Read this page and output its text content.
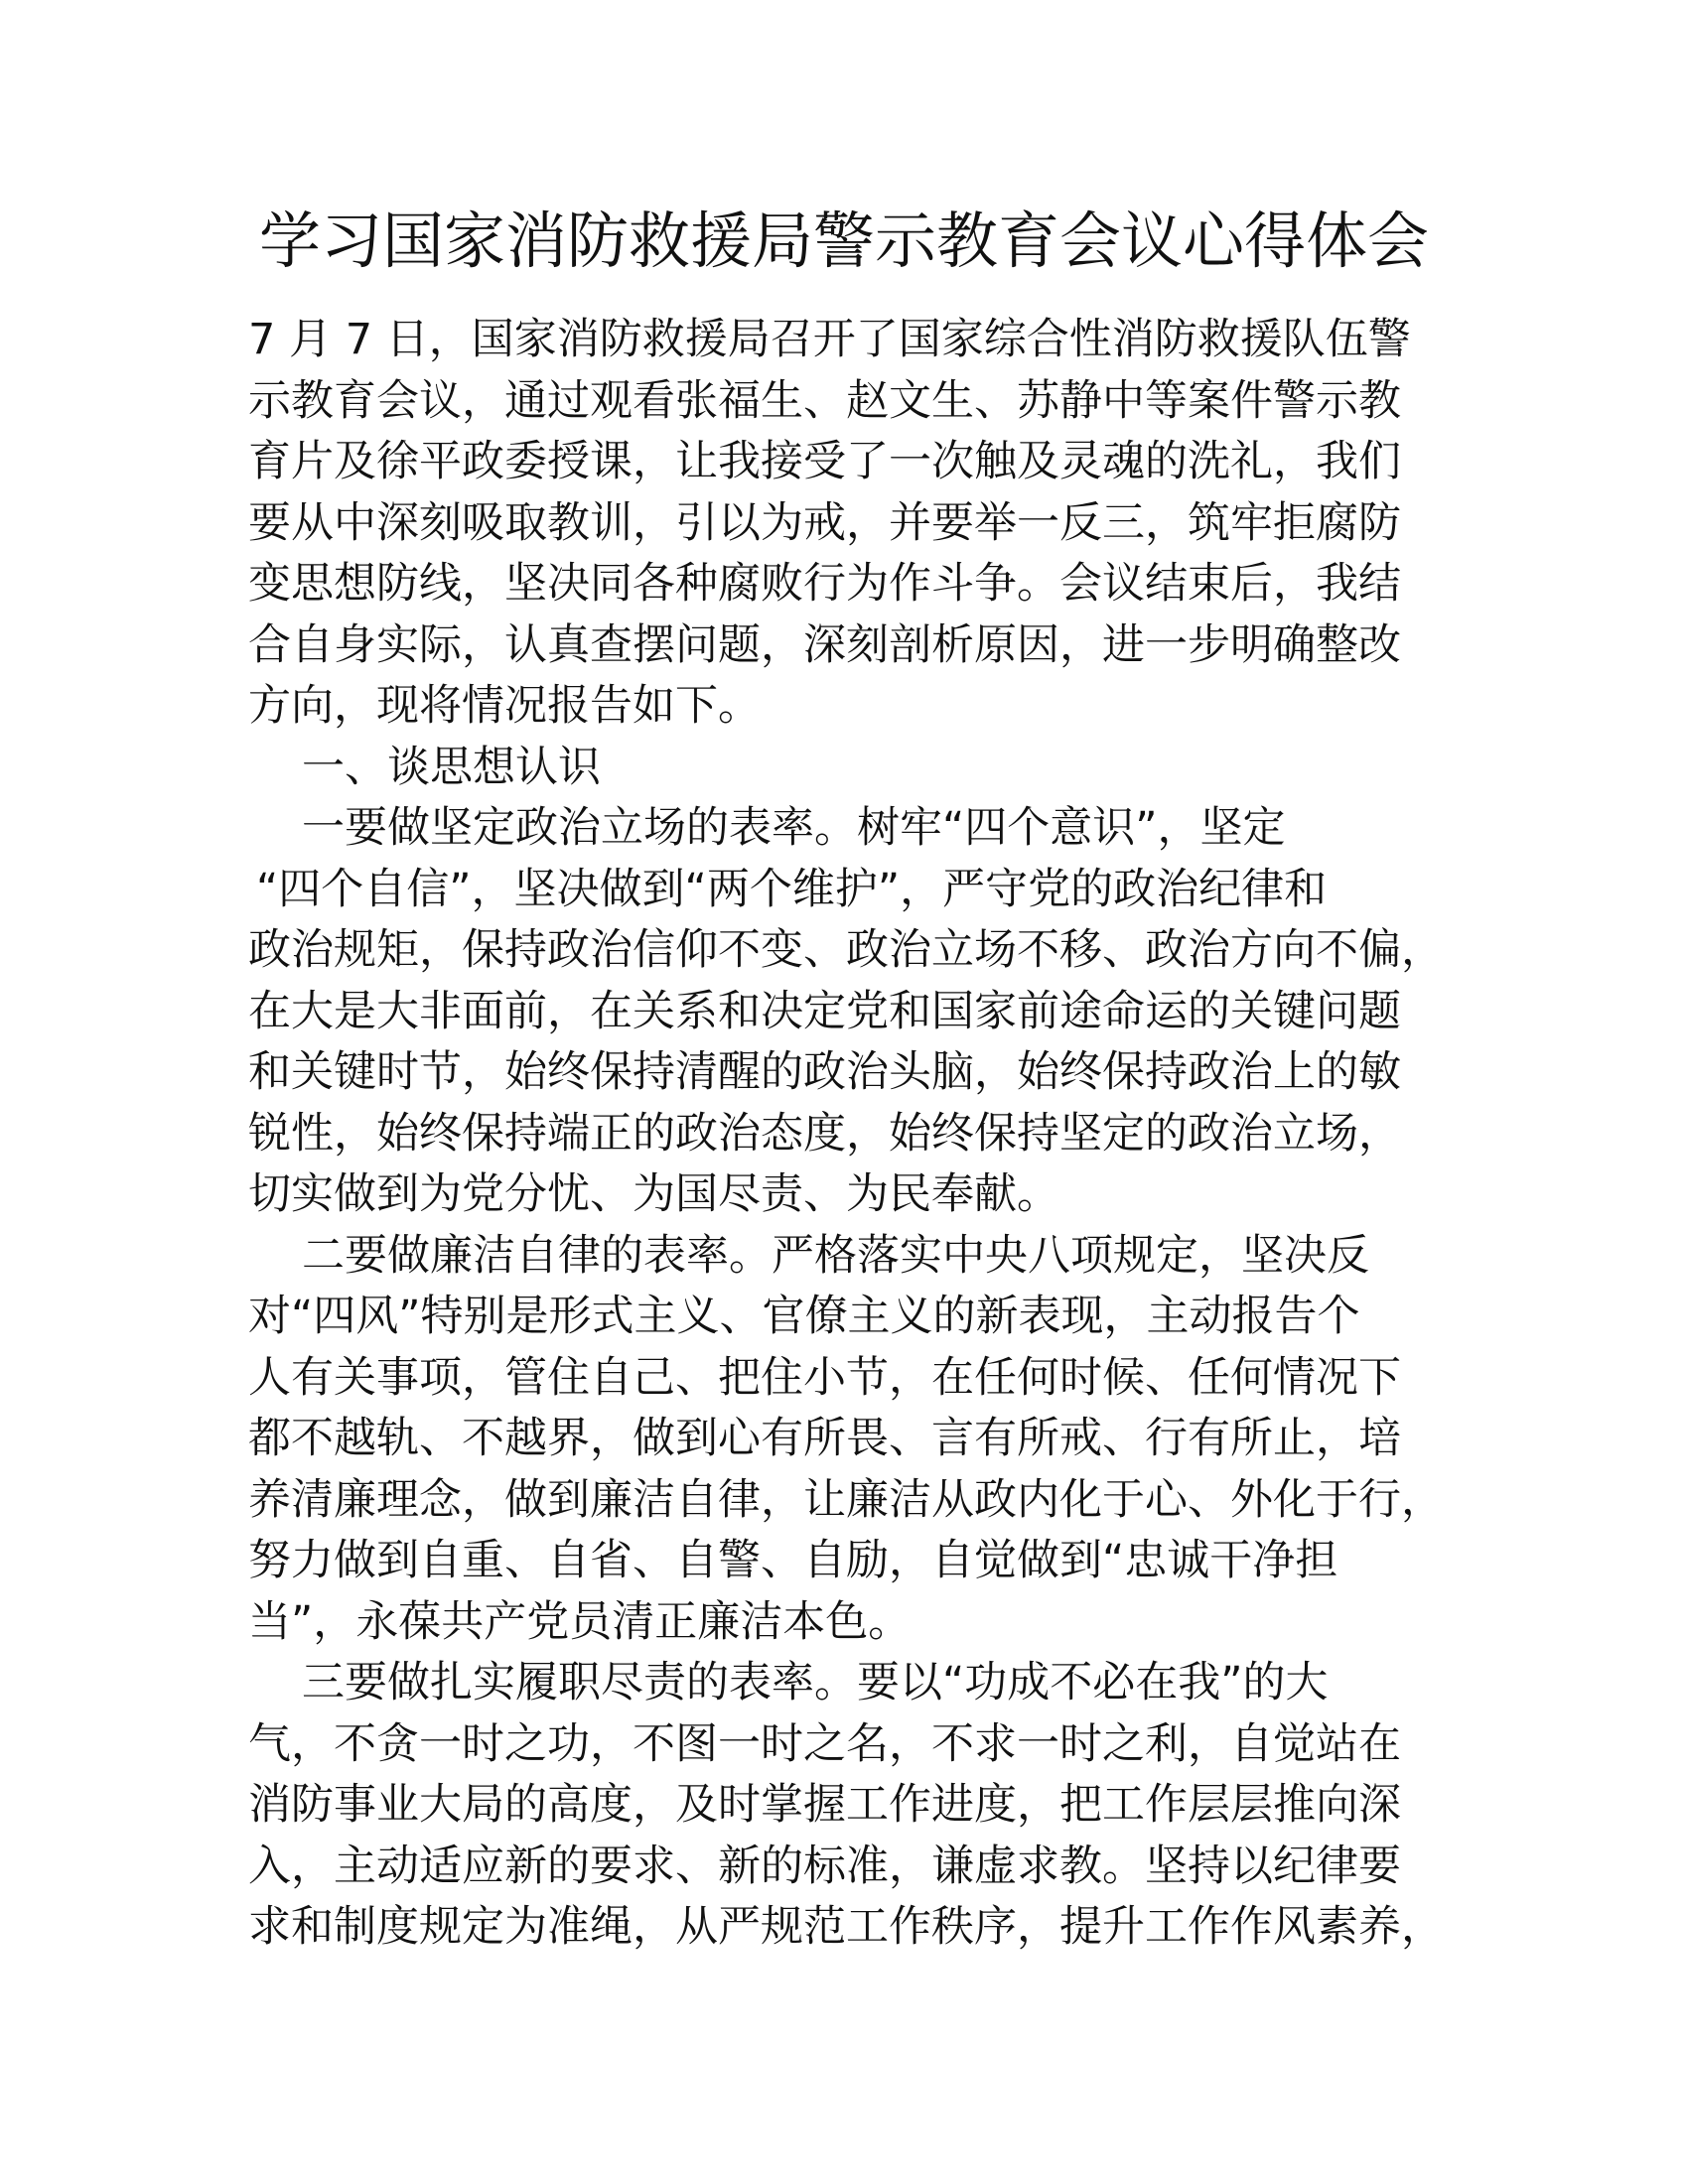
学习国家消防救援局警示教育会议心得体会
7 月 7 日，国家消防救援局召开了国家综合性消防救援队伍警
示教育会议，通过观看张福生、赵文生、苏静中等案件警示教
育片及徐平政委授课，让我接受了一次触及灵魂的洗礼，我们
要从中深刻吸取教训，引以为戒，并要举一反三，筑牢拒腐防
变思想防线，坚决同各种腐败行为作斗争。会议结束后，我结
合自身实际，认真查摆问题，深刻剖析原因，进一步明确整改
方向，现将情况报告如下。
一、谈思想认识
一要做坚定政治立场的表率。树牢“四个意识”，坚定
“四个自信”，坚决做到“两个维护”，严守党的政治纪律和
政治规矩，保持政治信仰不变、政治立场不移、政治方向不偏，
在大是大非面前，在关系和决定党和国家前途命运的关键问题
和关键时节，始终保持清醒的政治头脑，始终保持政治上的敏
锐性，始终保持端正的政治态度，始终保持坚定的政治立场，
切实做到为党分忧、为国尽责、为民奉献。
二要做廉洁自律的表率。严格落实中央八项规定，坚决反
对“四风”特别是形式主义、官僚主义的新表现，主动报告个
人有关事项，管住自己、把住小节，在任何时候、任何情况下
都不越轨、不越界，做到心有所畏、言有所戒、行有所止，培
养清廉理念，做到廉洁自律，让廉洁从政内化于心、外化于行，
努力做到自重、自省、自警、自励，自觉做到“忠诚干净担
当”，永葆共产党员清正廉洁本色。
三要做扎实履职尽责的表率。要以“功成不必在我”的大
气，不贪一时之功，不图一时之名，不求一时之利，自觉站在
消防事业大局的高度，及时掌握工作进度，把工作层层推向深
入，主动适应新的要求、新的标准，谦虚求教。坚持以纪律要
求和制度规定为准绳，从严规范工作秩序，提升工作作风素养，
